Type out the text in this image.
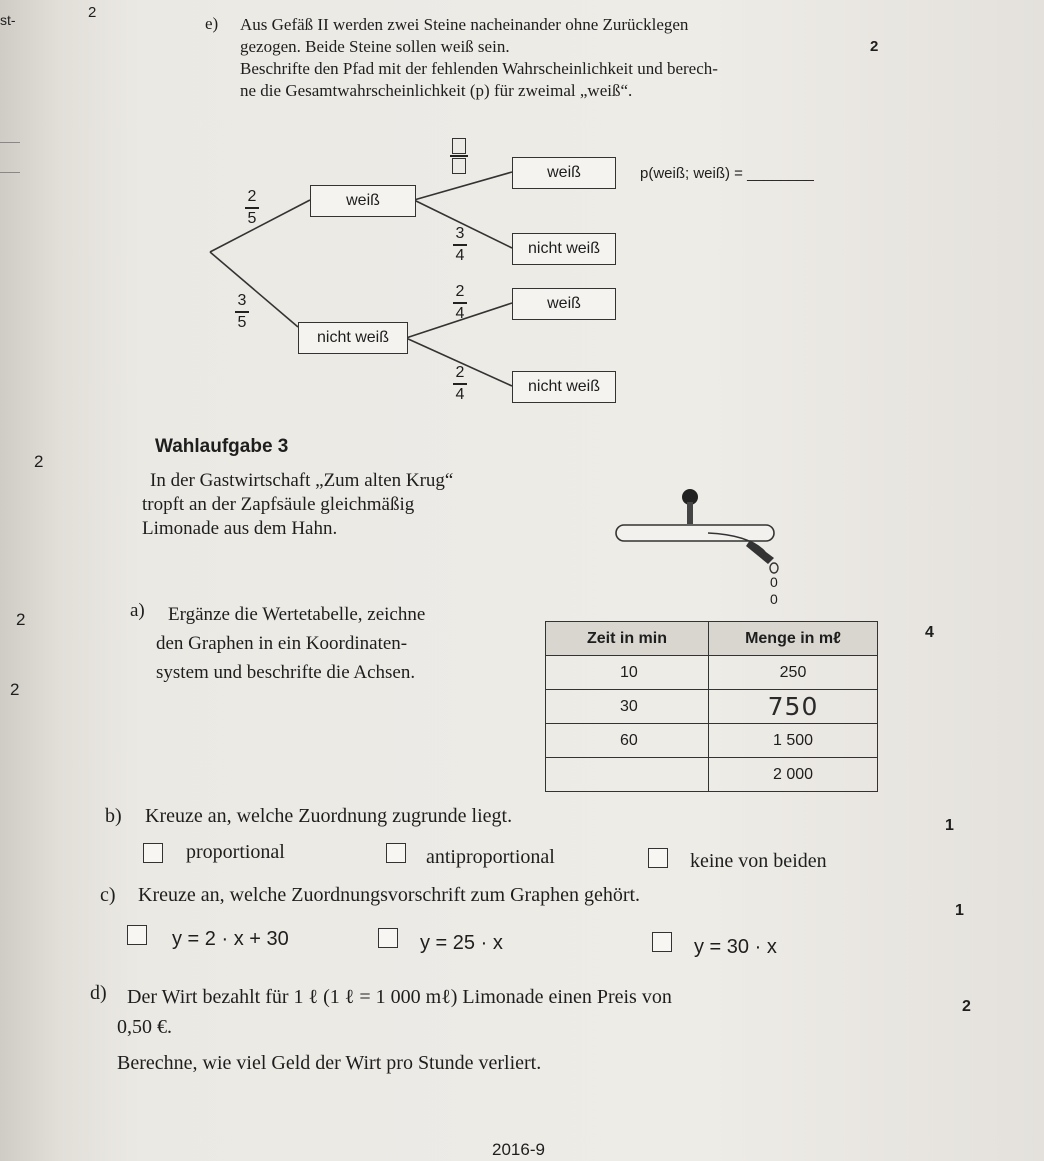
st-	2
2
2
2
e) Aus Gefäß II werden zwei Steine nacheinander ohne Zurücklegen
gezogen. Beide Steine sollen weiß sein.
Beschrifte den Pfad mit der fehlenden Wahrscheinlichkeit und berech-
ne die Gesamtwahrscheinlichkeit (p) für zweimal „weiß“.
2
weiß
nicht weiß
weiß
nicht weiß
weiß
nicht weiß
2
5
3
5
3
4
2
4
2
4
p(weiß; weiß) = ________
Wahlaufgabe 3
In der Gastwirtschaft „Zum alten Krug“
tropft an der Zapfsäule gleichmäßig
Limonade aus dem Hahn.
0
0
a) Ergänze die Wertetabelle, zeichne
den Graphen in ein Koordinaten-
system und beschrifte die Achsen.
4
Zeit in min	Menge in mℓ
10	250
30	750
60	1 500
	2 000
b) Kreuze an, welche Zuordnung zugrunde liegt.	1
proportional	antiproportional	keine von beiden
c) Kreuze an, welche Zuordnungsvorschrift zum Graphen gehört.
1
y = 2 · x + 30	y = 25 · x	y = 30 · x
d) Der Wirt bezahlt für 1 ℓ (1 ℓ = 1 000 mℓ) Limonade einen Preis von
0,50 €.
Berechne, wie viel Geld der Wirt pro Stunde verliert.
2
2016-9
